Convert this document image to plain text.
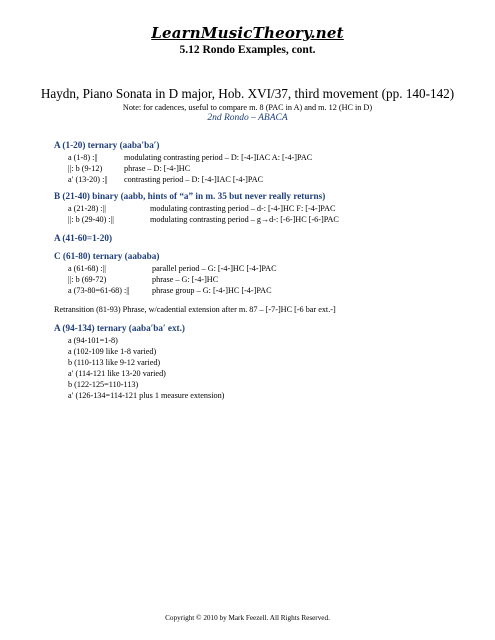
LearnMusicTheory.net
5.12 Rondo Examples, cont.
Haydn, Piano Sonata in D major, Hob. XVI/37, third movement (pp. 140-142)
Note: for cadences, useful to compare m. 8 (PAC in A) and m. 12 (HC in D)
2nd Rondo – ABACA
A (1-20) ternary (aaba′ba′)
a (1-8) :||	modulating contrasting period – D: [-4-]IAC A: [-4-]PAC
||: b (9-12)	phrase – D: [-4-]HC
a′ (13-20) :|| contrasting period – D: [-4-]IAC [-4-]PAC
B (21-40) binary (aabb, hints of “a” in m. 35 but never really returns)
a (21-28) :||	modulating contrasting period – d-: [-4-]HC F: [-4-]PAC
||: b (29-40) :||	modulating contrasting period – g→d-: [-6-]HC [-6-]PAC
A (41-60=1-20)
C (61-80) ternary (aababa)
a (61-68) :||	parallel period – G: [-4-]HC [-4-]PAC
||: b (69-72)	phrase – G: [-4-]HC
a (73-80=61-68) :||	phrase group – G: [-4-]HC [-4-]PAC
Retransition (81-93) Phrase, w/cadential extension after m. 87 – [-7-]HC [-6 bar ext.-]
A (94-134) ternary (aaba′ba′ ext.)
a (94-101=1-8)
a (102-109 like 1-8 varied)
b (110-113 like 9-12 varied)
a′ (114-121 like 13-20 varied)
b (122-125=110-113)
a′ (126-134=114-121 plus 1 measure extension)
Copyright © 2010 by Mark Feezell. All Rights Reserved.
